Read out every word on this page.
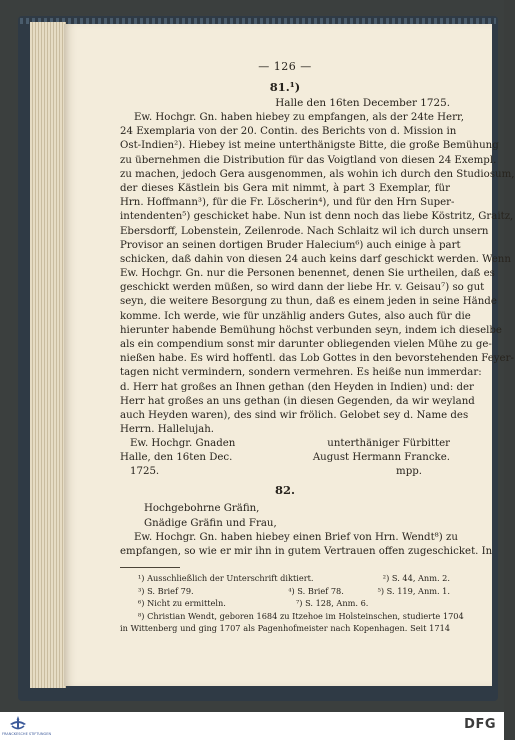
— 126 —
81.¹)
Halle den 16ten December 1725.
Ew. Hochgr. Gn. haben hiebey zu empfangen, als der 24te Herr,
24 Exemplaria von der 20. Contin. des Berichts von d. Mission in
Ost-Indien²). Hiebey ist meine unterthänigste Bitte, die große Bemühung
zu übernehmen die Distribution für das Voigtland von diesen 24 Exempl.
zu machen, jedoch Gera ausgenommen, als wohin ich durch den Studiosum,
der dieses Kästlein bis Gera mit nimmt, à part 3 Exemplar, für
Hrn. Hoffmann³), für die Fr. Löscherin⁴), und für den Hrn Super-
intendenten⁵) geschicket habe. Nun ist denn noch das liebe Köstritz, Graitz,
Ebersdorff, Lobenstein, Zeilenrode. Nach Schlaitz wil ich durch unsern
Provisor an seinen dortigen Bruder Halecium⁶) auch einige à part
schicken, daß dahin von diesen 24 auch keins darf geschickt werden. Wenn
Ew. Hochgr. Gn. nur die Personen benennet, denen Sie urtheilen, daß es
geschickt werden müßen, so wird dann der liebe Hr. v. Geisau⁷) so gut
seyn, die weitere Besorgung zu thun, daß es einem jeden in seine Hände
komme. Ich werde, wie für unzählig anders Gutes, also auch für die
hierunter habende Bemühung höchst verbunden seyn, indem ich dieselbe
als ein compendium sonst mir darunter obliegenden vielen Mühe zu ge-
nießen habe. Es wird hoffentl. das Lob Gottes in den bevorstehenden Feyer-
tagen nicht vermindern, sondern vermehren. Es heiße nun immerdar:
d. Herr hat großes an Ihnen gethan (den Heyden in Indien) und: der
Herr hat großes an uns gethan (in diesen Gegenden, da wir weyland
auch Heyden waren), des sind wir frölich. Gelobet sey d. Name des
Herrn. Hallelujah.
Ew. Hochgr. Gnaden	unterthäniger Fürbitter
Halle, den 16ten Dec.	August Hermann Francke.
1725.	mpp.
82.
Hochgebohrne Gräfin,
Gnädige Gräfin und Frau,
Ew. Hochgr. Gn. haben hiebey einen Brief von Hrn. Wendt⁸) zu
empfangen, so wie er mir ihn in gutem Vertrauen offen zugeschicket. In
¹) Ausschließlich der Unterschrift diktiert.	²) S. 44, Anm. 2.
³) S. Brief 79.	⁴) S. Brief 78.	⁵) S. 119, Anm. 1.
⁶) Nicht zu ermitteln.	⁷) S. 128, Anm. 6.
⁸) Christian Wendt, geboren 1684 zu Itzehoe im Holsteinschen, studierte 1704
in Wittenberg und ging 1707 als Pagenhofmeister nach Kopenhagen. Seit 1714
FRANCKESCHE STIFTUNGEN
DFG
